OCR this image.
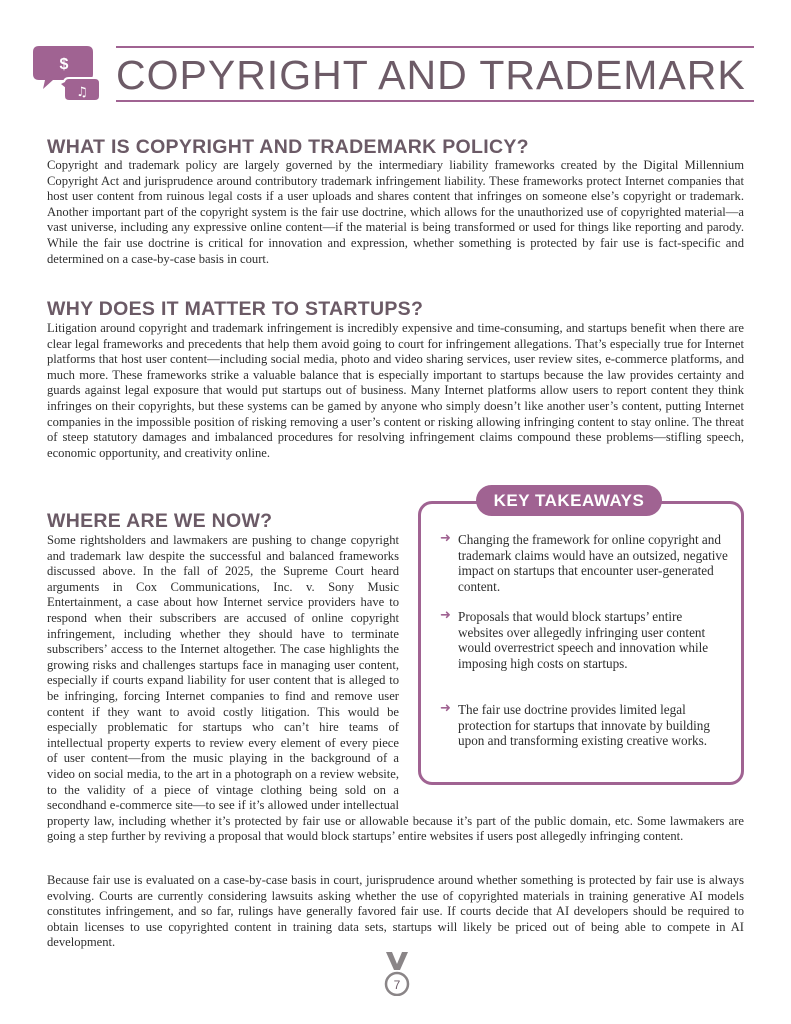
$
♫ COPYRIGHT AND TRADEMARK
WHAT IS COPYRIGHT AND TRADEMARK POLICY?

Copyright and trademark policy are largely governed by the intermediary liability frameworks created by the Digital Millennium Copyright Act and jurisprudence around contributory trademark infringement liability. These frameworks protect Internet companies that host user content from ruinous legal costs if a user uploads and shares content that infringes on someone else’s copyright or trademark. Another important part of the copyright system is the fair use doctrine, which allows for the unauthorized use of copyrighted material—a vast universe, including any expressive online content—if the material is being transformed or used for things like reporting and parody. While the fair use doctrine is critical for innovation and expression, whether something is protected by fair use is fact-specific and determined on a case-by-case basis in court.

WHY DOES IT MATTER TO STARTUPS?

Litigation around copyright and trademark infringement is incredibly expensive and time-consuming, and startups benefit when there are clear legal frameworks and precedents that help them avoid going to court for infringement allegations. That’s especially true for Internet platforms that host user content—including social media, photo and video sharing services, user review sites, e-commerce platforms, and much more. These frameworks strike a valuable balance that is especially important to startups because the law provides certainty and guards against legal exposure that would put startups out of business. Many Internet platforms allow users to report content they think infringes on their copyrights, but these systems can be gamed by anyone who simply doesn’t like another user’s content, putting Internet companies in the impossible position of risking removing a user’s content or risking allowing infringing content to stay online. The threat of steep statutory damages and imbalanced procedures for resolving infringement claims compound these problems—stifling speech, economic opportunity, and creativity online.

WHERE ARE WE NOW?

Some rightsholders and lawmakers are pushing to change copyright and trademark law despite the successful and balanced frameworks discussed above. In the fall of 2025, the Supreme Court heard arguments in Cox Communications, Inc. v. Sony Music Entertainment, a case about how Internet service providers have to respond when their subscribers are accused of online copyright infringement, including whether they should have to terminate subscribers’ access to the Internet altogether. The case highlights the growing risks and challenges startups face in managing user content, especially if courts expand liability for user content that is alleged to be infringing, forcing Internet companies to find and remove user content if they want to avoid costly litigation. This would be especially problematic for startups who can’t hire teams of intellectual property experts to review every element of every piece of user content—from the music playing in the background of a video on social media, to the art in a photograph on a review website, to the validity of a piece of vintage clothing being sold on a secondhand e-commerce site—to see if it’s allowed under intellectual property law, including whether it’s protected by fair use or allowable because it’s part of the public domain, etc. Some lawmakers are going a step further by reviving a proposal that would block startups’ entire websites if users post allegedly infringing content.

Because fair use is evaluated on a case-by-case basis in court, jurisprudence around whether something is protected by fair use is always evolving. Courts are currently considering lawsuits asking whether the use of copyrighted materials in training generative AI models constitutes infringement, and so far, rulings have generally favored fair use. If courts decide that AI developers should be required to obtain licenses to use copyrighted content in training data sets, startups will likely be priced out of being able to compete in AI development.

KEY TAKEAWAYS
➜ Changing the framework for online copyright and trademark claims would have an outsized, negative impact on startups that encounter user-generated content.
➜ Proposals that would block startups’ entire websites over allegedly infringing user content would overrestrict speech and innovation while imposing high costs on startups.
➜ The fair use doctrine provides limited legal protection for startups that innovate by building upon and transforming existing creative works.
7
